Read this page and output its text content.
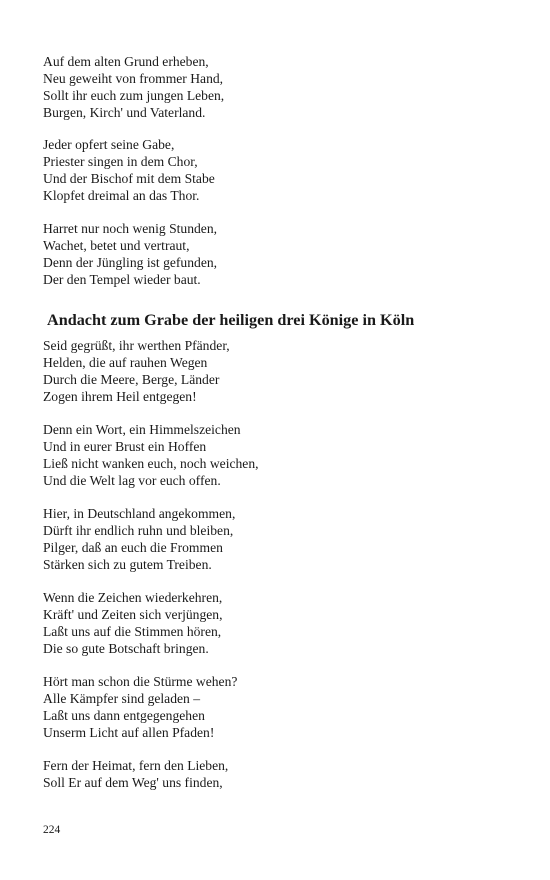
Auf dem alten Grund erheben,
Neu geweiht von frommer Hand,
Sollt ihr euch zum jungen Leben,
Burgen, Kirch' und Vaterland.
Jeder opfert seine Gabe,
Priester singen in dem Chor,
Und der Bischof mit dem Stabe
Klopfet dreimal an das Thor.
Harret nur noch wenig Stunden,
Wachet, betet und vertraut,
Denn der Jüngling ist gefunden,
Der den Tempel wieder baut.
Andacht zum Grabe der heiligen drei Könige in Köln
Seid gegrüßt, ihr werthen Pfänder,
Helden, die auf rauhen Wegen
Durch die Meere, Berge, Länder
Zogen ihrem Heil entgegen!
Denn ein Wort, ein Himmelszeichen
Und in eurer Brust ein Hoffen
Ließ nicht wanken euch, noch weichen,
Und die Welt lag vor euch offen.
Hier, in Deutschland angekommen,
Dürft ihr endlich ruhn und bleiben,
Pilger, daß an euch die Frommen
Stärken sich zu gutem Treiben.
Wenn die Zeichen wiederkehren,
Kräft' und Zeiten sich verjüngen,
Laßt uns auf die Stimmen hören,
Die so gute Botschaft bringen.
Hört man schon die Stürme wehen?
Alle Kämpfer sind geladen –
Laßt uns dann entgegengehen
Unserm Licht auf allen Pfaden!
Fern der Heimat, fern den Lieben,
Soll Er auf dem Weg' uns finden,
224
